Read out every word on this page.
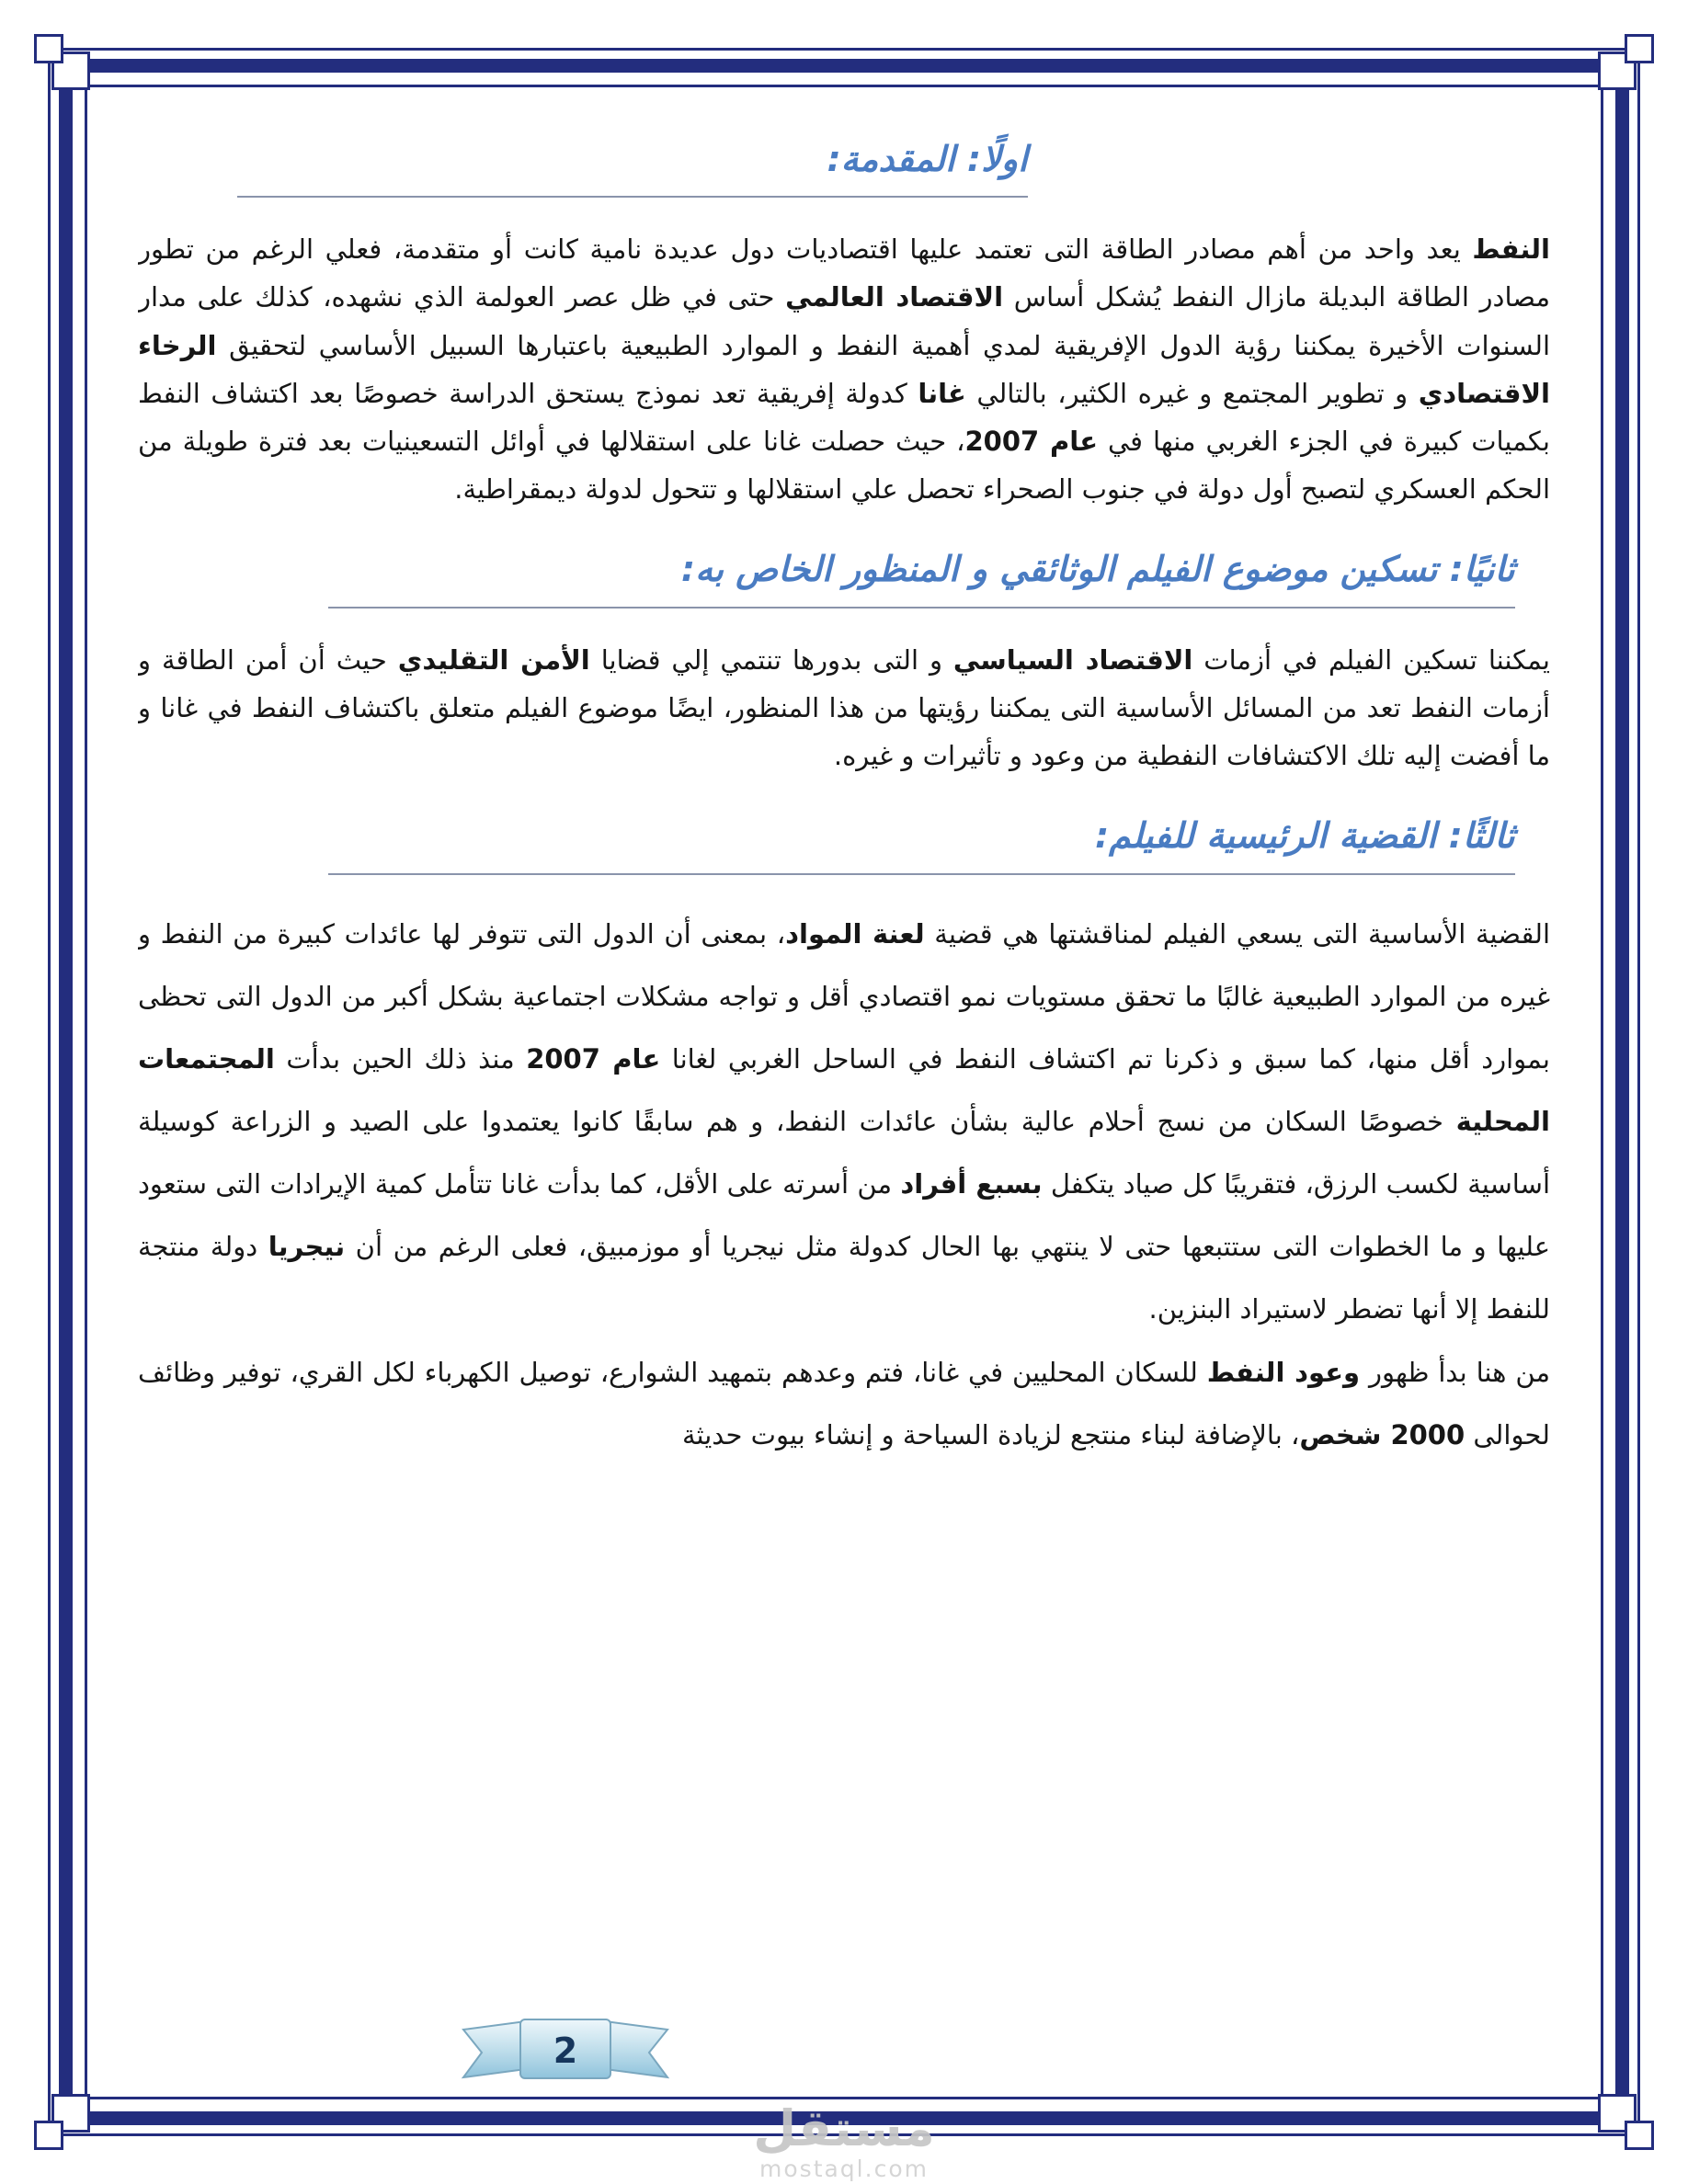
اولًا: المقدمة:

النفط يعد واحد من أهم مصادر الطاقة التى تعتمد عليها اقتصاديات دول عديدة نامية كانت أو متقدمة، فعلي الرغم من تطور مصادر الطاقة البديلة مازال النفط يُشكل أساس الاقتصاد العالمي حتى في ظل عصر العولمة الذي نشهده، كذلك على مدار السنوات الأخيرة يمكننا رؤية الدول الإفريقية لمدي أهمية النفط و الموارد الطبيعية باعتبارها السبيل الأساسي لتحقيق الرخاء الاقتصادي و تطوير المجتمع و غيره الكثير، بالتالي غانا كدولة إفريقية تعد نموذج يستحق الدراسة خصوصًا بعد اكتشاف النفط بكميات كبيرة في الجزء الغربي منها في عام 2007، حيث حصلت غانا على استقلالها في أوائل التسعينيات بعد فترة طويلة من الحكم العسكري لتصبح أول دولة في جنوب الصحراء تحصل علي استقلالها و تتحول لدولة ديمقراطية.

ثانيًا: تسكين موضوع الفيلم الوثائقي و المنظور الخاص به:

يمكننا تسكين الفيلم في أزمات الاقتصاد السياسي و التى بدورها تنتمي إلي قضايا الأمن التقليدي حيث أن أمن الطاقة و أزمات النفط تعد من المسائل الأساسية التى يمكننا رؤيتها من هذا المنظور، ايضًا موضوع الفيلم متعلق باكتشاف النفط في غانا و ما أفضت إليه تلك الاكتشافات النفطية من وعود و تأثيرات و غيره.

ثالثًا: القضية الرئيسية للفيلم:

القضية الأساسية التى يسعي الفيلم لمناقشتها هي قضية لعنة المواد، بمعنى أن الدول التى تتوفر لها عائدات كبيرة من النفط و غيره من الموارد الطبيعية غالبًا ما تحقق مستويات نمو اقتصادي أقل و تواجه مشكلات اجتماعية بشكل أكبر من الدول التى تحظى بموارد أقل منها، كما سبق و ذكرنا تم اكتشاف النفط في الساحل الغربي لغانا عام 2007 منذ ذلك الحين بدأت المجتمعات المحلية خصوصًا السكان من نسج أحلام عالية بشأن عائدات النفط، و هم سابقًا كانوا يعتمدوا على الصيد و الزراعة كوسيلة أساسية لكسب الرزق، فتقريبًا كل صياد يتكفل بسبع أفراد من أسرته على الأقل، كما بدأت غانا تتأمل كمية الإيرادات التى ستعود عليها و ما الخطوات التى ستتبعها حتى لا ينتهي بها الحال كدولة مثل نيجريا أو موزمبيق، فعلى الرغم من أن نيجريا دولة منتجة للنفط إلا أنها تضطر لاستيراد البنزين.

من هنا بدأ ظهور وعود النفط للسكان المحليين في غانا، فتم وعدهم بتمهيد الشوارع، توصيل الكهرباء لكل القري، توفير وظائف لحوالى 2000 شخص، بالإضافة لبناء منتجع لزيادة السياحة و إنشاء بيوت حديثة

2
مستقل
mostaql.com
